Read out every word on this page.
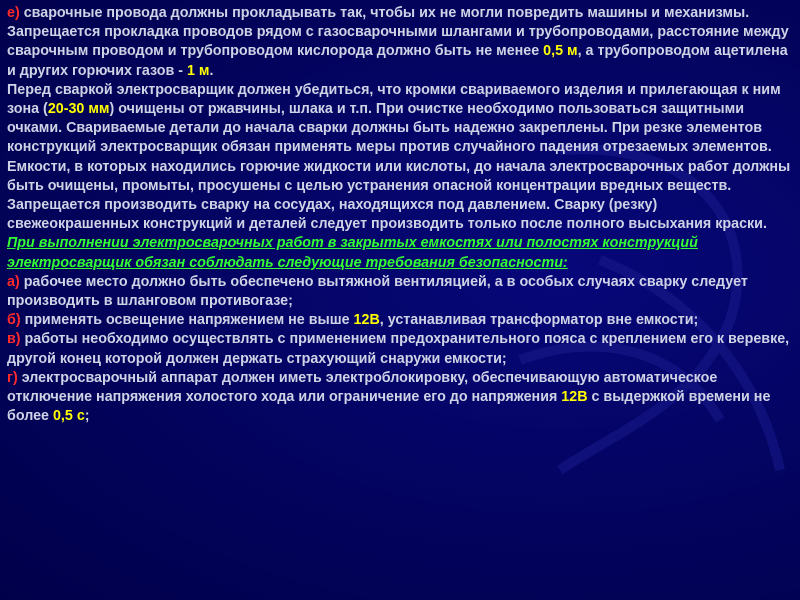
е) сварочные провода должны прокладывать так, чтобы их не могли повредить машины и механизмы. Запрещается прокладка проводов рядом с газосварочными шлангами и трубопроводами, расстояние между сварочным проводом и трубопроводом кислорода должно быть не менее 0,5 м, а трубопроводом ацетилена и других горючих газов - 1 м.

Перед сваркой электросварщик должен убедиться, что кромки свариваемого изделия и прилегающая к ним зона (20-30 мм) очищены от ржавчины, шлака и т.п. При очистке необходимо пользоваться защитными очками. Свариваемые детали до начала сварки должны быть надежно закреплены. При резке элементов конструкций электросварщик обязан применять меры против случайного падения отрезаемых элементов.

Емкости, в которых находились горючие жидкости или кислоты, до начала электросварочных работ должны быть очищены, промыты, просушены с целью устранения опасной концентрации вредных веществ. Запрещается производить сварку на сосудах, находящихся под давлением. Сварку (резку) свежеокрашенных конструкций и деталей следует производить только после полного высыхания краски.

При выполнении электросварочных работ в закрытых емкостях или полостях конструкций электросварщик обязан соблюдать следующие требования безопасности:

а) рабочее место должно быть обеспечено вытяжной вентиляцией, а в особых случаях сварку следует производить в шланговом противогазе;

б) применять освещение напряжением не выше 12В, устанавливая трансформатор вне емкости;

в) работы необходимо осуществлять с применением предохранительного пояса с креплением его к веревке, другой конец которой должен держать страхующий снаружи емкости;

г) электросварочный аппарат должен иметь электроблокировку, обеспечивающую автоматическое отключение напряжения холостого хода или ограничение его до напряжения 12В с выдержкой времени не более 0,5 с;
